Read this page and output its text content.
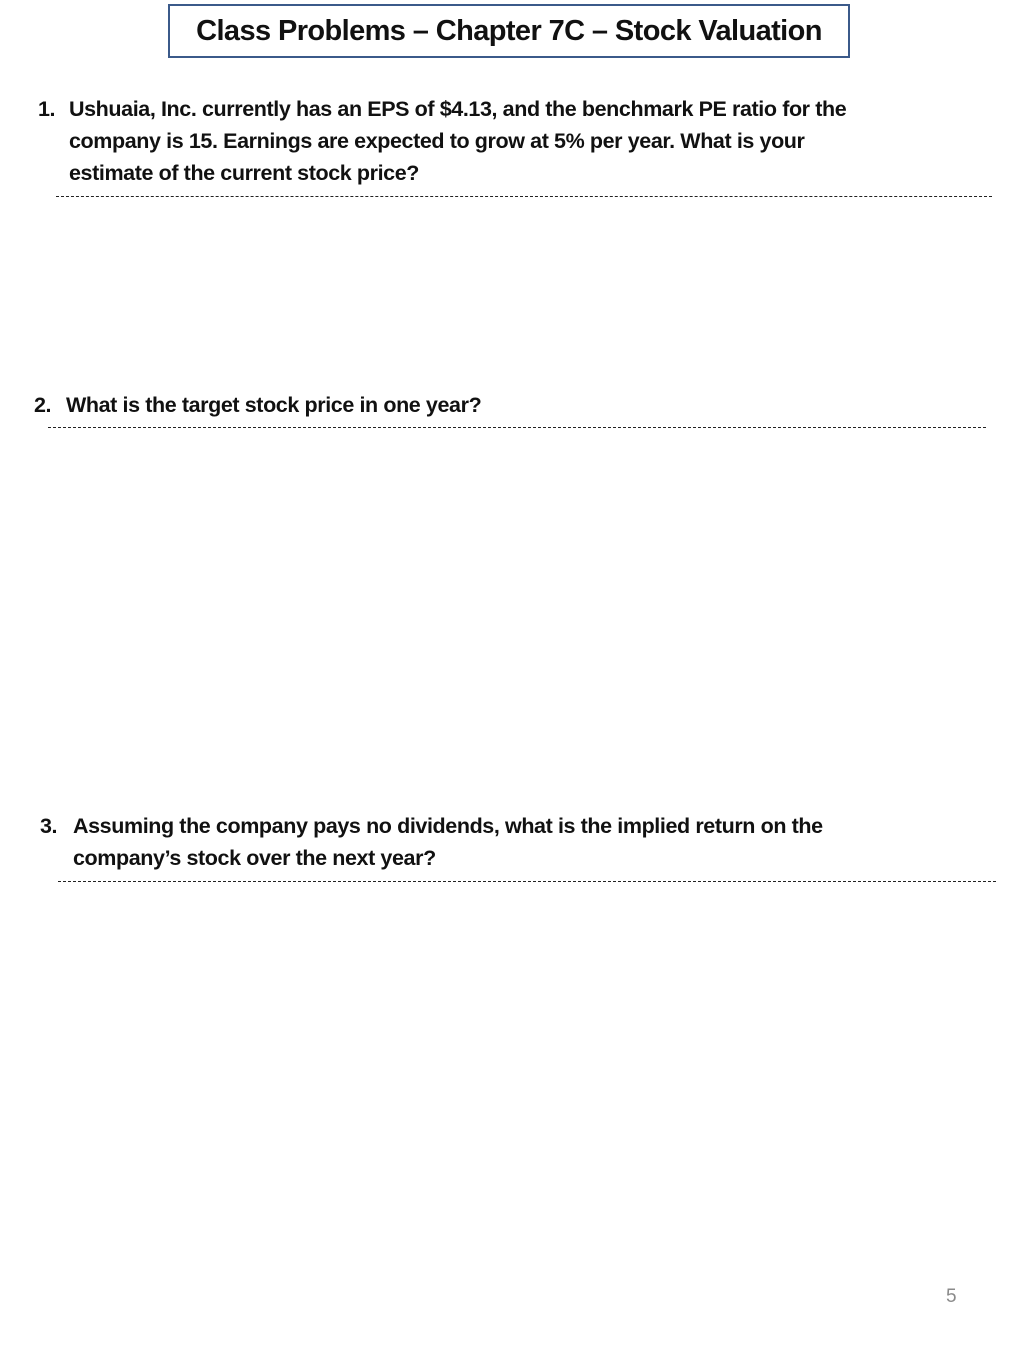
Class Problems – Chapter 7C – Stock Valuation
1. Ushuaia, Inc. currently has an EPS of $4.13, and the benchmark PE ratio for the
company is 15. Earnings are expected to grow at 5% per year. What is your
estimate of the current stock price?
2. What is the target stock price in one year?
3. Assuming the company pays no dividends, what is the implied return on the
company’s stock over the next year?
5
